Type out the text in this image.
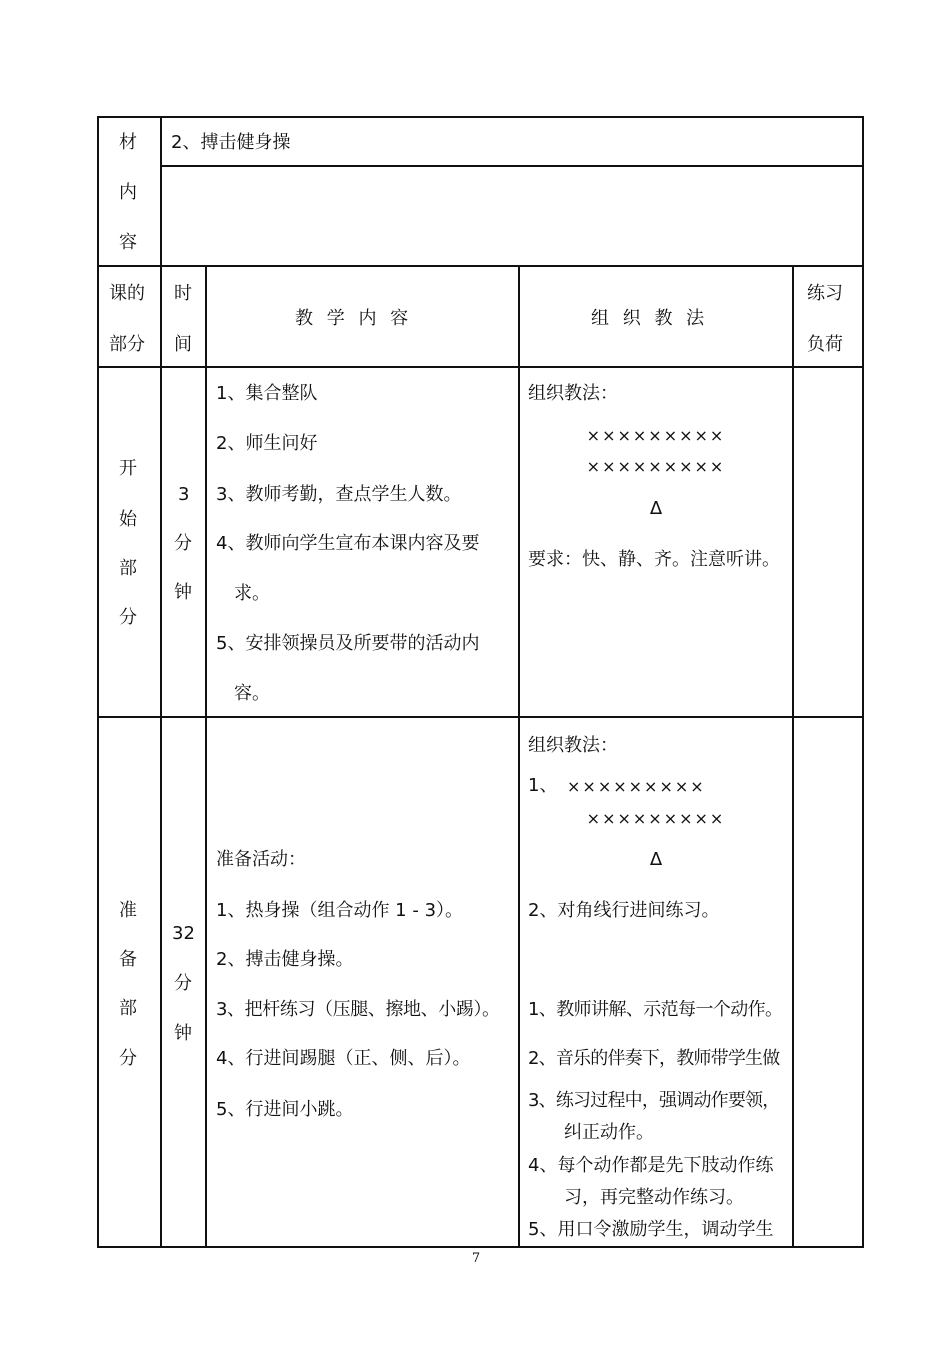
材
内
容
2、搏击健身操
课的
部分
时
间
教 学 内 容	组 织 教 法
练习
负荷
开
始
部
分
3
分
钟
1、集合整队
2、师生问好
3、教师考勤，查点学生人数。
4、教师向学生宣布本课内容及要
求。
5、安排领操员及所要带的活动内
容。
组织教法：
×××××××××
×××××××××
Δ
要求：快、静、齐。注意听讲。
准
备
部
分
32
分
钟
准备活动：
1、热身操（组合动作 1 - 3）。
2、搏击健身操。
3、把杆练习（压腿、擦地、小踢）。
4、行进间踢腿（正、侧、后）。
5、行进间小跳。
组织教法：
1、 ×××××××××
×××××××××
Δ
2、对角线行进间练习。
1、教师讲解、示范每一个动作。
2、音乐的伴奏下，教师带学生做
3、练习过程中，强调动作要领，
纠正动作。
4、每个动作都是先下肢动作练
习，再完整动作练习。
5、用口令激励学生，调动学生
7
